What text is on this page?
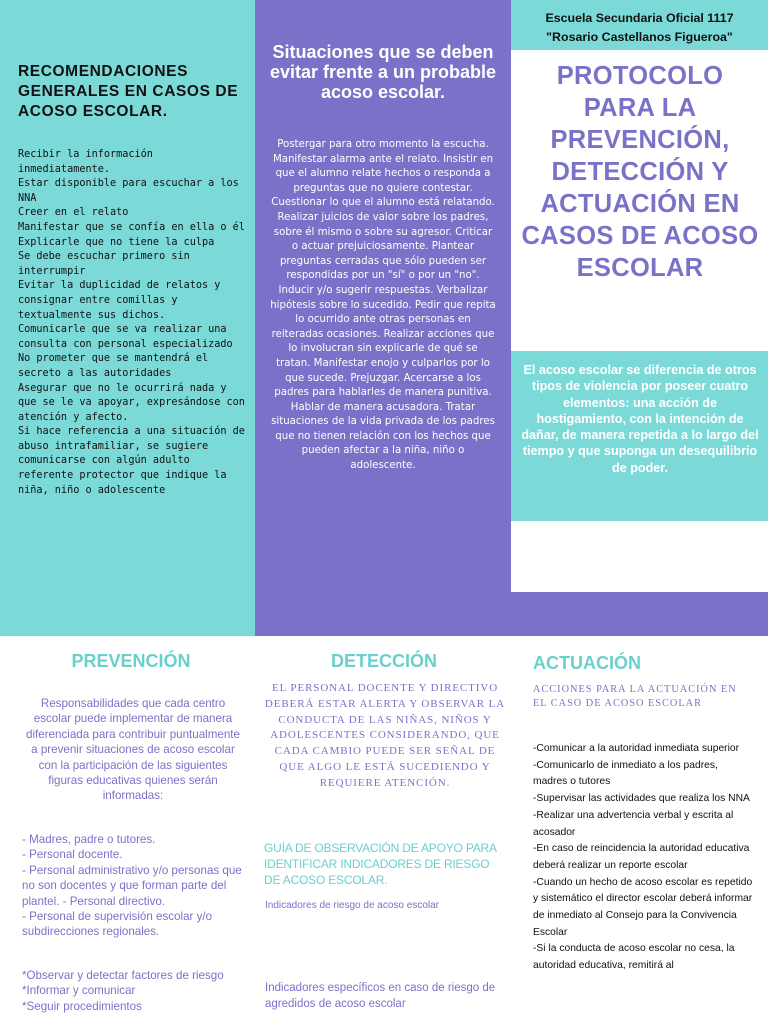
RECOMENDACIONES GENERALES EN CASOS DE ACOSO ESCOLAR.
Recibir la información inmediatamente.
Estar disponible para escuchar a los NNA
Creer en el relato
Manifestar que se confía en ella o él
Explicarle que no tiene la culpa
Se debe escuchar primero sin interrumpir
Evitar la duplicidad de relatos y consignar entre comillas y textualmente sus dichos.
Comunicarle que se va realizar una consulta con personal especializado
No prometer que se mantendrá el secreto a las autoridades
Asegurar que no le ocurrirá nada y que se le va apoyar, expresándose con atención y afecto.
Si hace referencia a una situación de abuso intrafamiliar, se sugiere comunicarse con algún adulto referente protector que indique la niña, niño o adolescente
Situaciones que se deben evitar frente a un probable acoso escolar.
Postergar para otro momento la escucha. Manifestar alarma ante el relato. Insistir en que el alumno relate hechos o responda a preguntas que no quiere contestar. Cuestionar lo que el alumno está relatando. Realizar juicios de valor sobre los padres, sobre él mismo o sobre su agresor. Criticar o actuar prejuiciosamente. Plantear preguntas cerradas que sólo pueden ser respondidas por un "sí" o por un "no". Inducir y/o sugerir respuestas. Verbalizar hipótesis sobre lo sucedido. Pedir que repita lo ocurrido ante otras personas en reiteradas ocasiones. Realizar acciones que lo involucran sin explicarle de qué se tratan. Manifestar enojo y culparlos por lo que sucede. Prejuzgar. Acercarse a los padres para hablarles de manera punitiva. Hablar de manera acusadora. Tratar situaciones de la vida privada de los padres que no tienen relación con los hechos que pueden afectar a la niña, niño o adolescente.
Escuela Secundaria Oficial 1117
"Rosario Castellanos Figueroa"
PROTOCOLO PARA LA PREVENCIÓN, DETECCIÓN Y ACTUACIÓN EN CASOS DE ACOSO ESCOLAR
El acoso escolar se diferencia de otros tipos de violencia por poseer cuatro elementos: una acción de hostigamiento, con la intención de dañar, de manera repetida a lo largo del tiempo y que suponga un desequilibrio de poder.
PREVENCIÓN
Responsabilidades que cada centro escolar puede implementar de manera diferenciada para contribuir puntualmente a prevenir situaciones de acoso escolar con la participación de las siguientes figuras educativas quienes serán informadas:
- Madres, padre o tutores.
- Personal docente.
- Personal administrativo y/o personas que no son docentes y que forman parte del plantel. - Personal directivo.
- Personal de supervisión escolar y/o subdirecciones regionales.
*Observar y detectar factores de riesgo
*Informar y comunicar
*Seguir procedimientos
DETECCIÓN
EL PERSONAL DOCENTE Y DIRECTIVO DEBERÁ ESTAR ALERTA Y OBSERVAR LA CONDUCTA DE LAS NIÑAS, NIÑOS Y ADOLESCENTES CONSIDERANDO, QUE CADA CAMBIO PUEDE SER SEÑAL DE QUE ALGO LE ESTÁ SUCEDIENDO Y REQUIERE ATENCIÓN.
GUÍA DE OBSERVACIÓN DE APOYO PARA IDENTIFICAR INDICADORES DE RIESGO DE ACOSO ESCOLAR.
Indicadores de riesgo de acoso escolar
Indicadores específicos en caso de riesgo de agredidos de acoso escolar
ACTUACIÓN
ACCIONES PARA LA ACTUACIÓN EN EL CASO DE ACOSO ESCOLAR
-Comunicar a la autoridad inmediata superior
-Comunicarlo de inmediato a los padres, madres o tutores
-Supervisar las actividades que realiza los NNA
-Realizar una advertencia verbal y escrita al acosador
-En caso de reincidencia la autoridad educativa deberá realizar un reporte escolar
-Cuando un hecho de acoso escolar es repetido y sistemático el director escolar deberá informar de inmediato al Consejo para la Convivencia Escolar
-Si la conducta de acoso escolar no cesa, la autoridad educativa, remitirá al
